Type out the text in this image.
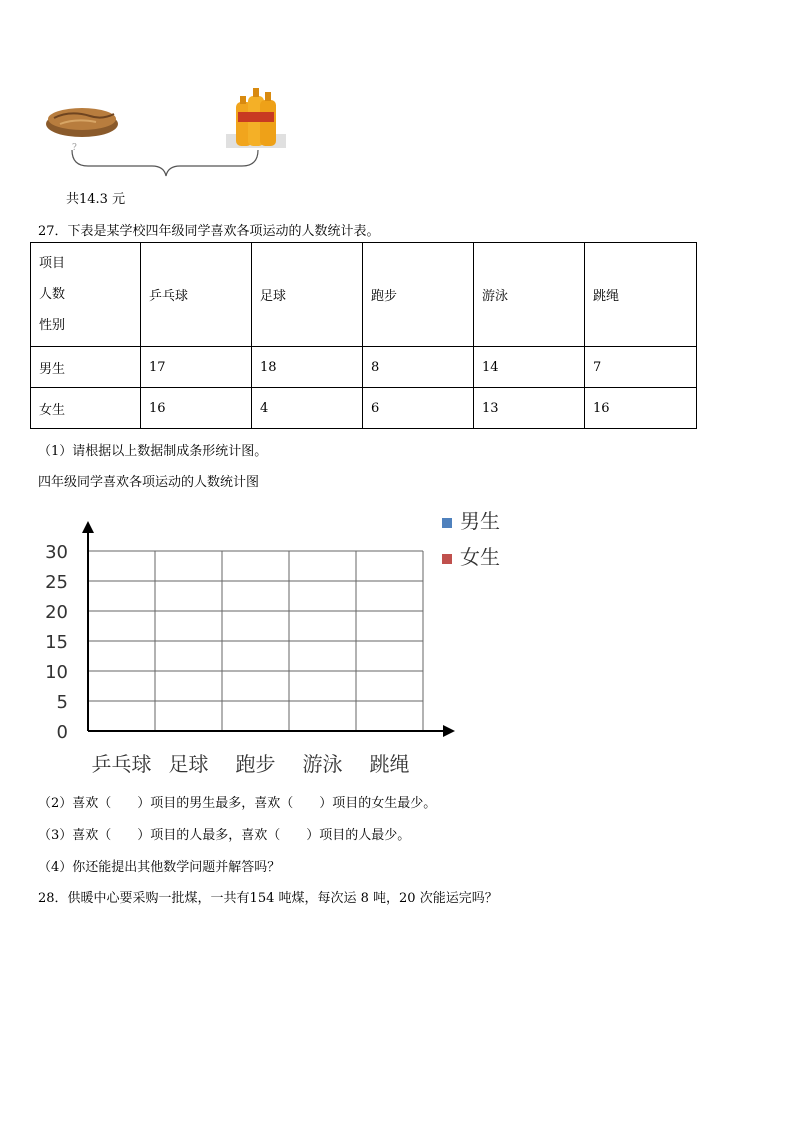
?
共14.3 元
27．下表是某学校四年级同学喜欢各项运动的人数统计表。
项目
人数
性别	乒乓球	足球	跑步	游泳	跳绳
男生	17	18	8	14	7
女生	16	4	6	13	16
（1）请根据以上数据制成条形统计图。
四年级同学喜欢各项运动的人数统计图
30
25
20
15
10
5
0
乒乓球 足球 跑步 游泳 跳绳
男生
女生
（2）喜欢（　　）项目的男生最多，喜欢（　　）项目的女生最少。
（3）喜欢（　　）项目的人最多，喜欢（　　）项目的人最少。
（4）你还能提出其他数学问题并解答吗？
28．供暖中心要采购一批煤，一共有154 吨煤，每次运 8 吨，20 次能运完吗？
